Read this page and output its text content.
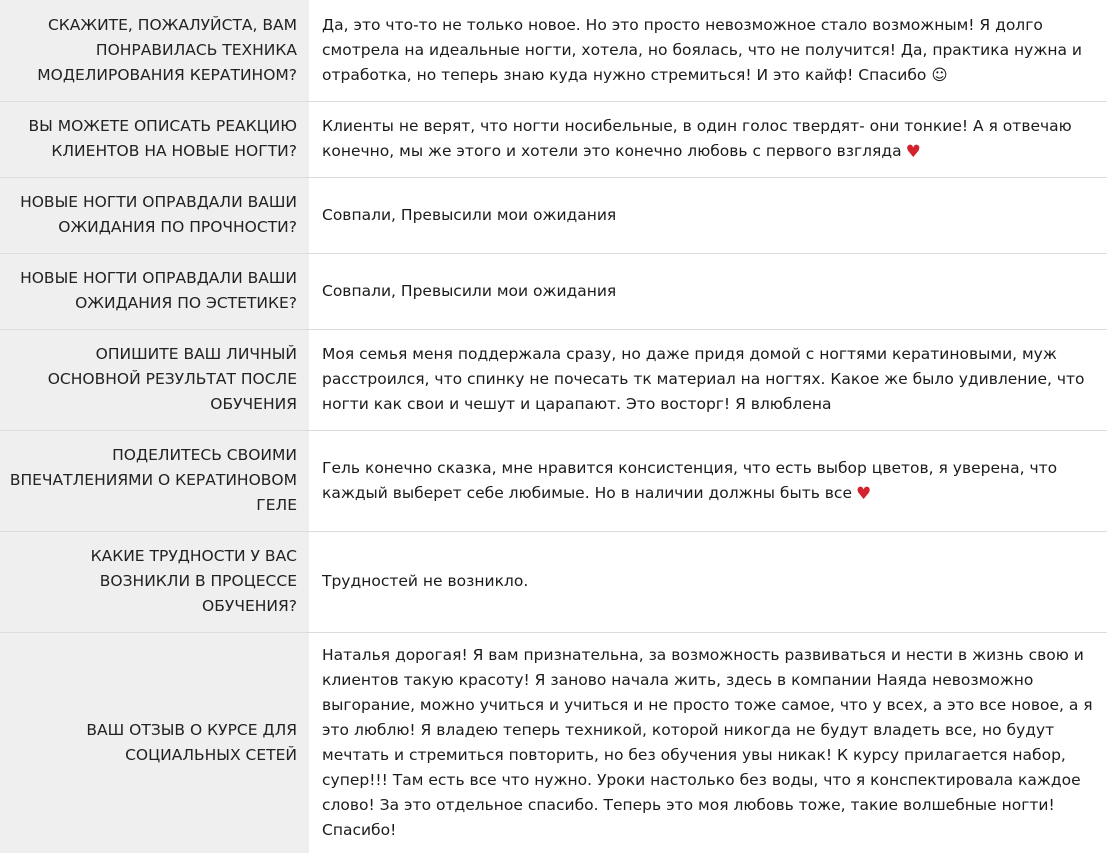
СКАЖИТЕ, ПОЖАЛУЙСТА, ВАМ ПОНРАВИЛАСЬ ТЕХНИКА МОДЕЛИРОВАНИЯ КЕРАТИНОМ?	Да, это что-то не только новое. Но это просто невозможное стало возможным! Я долго смотрела на идеальные ногти, хотела, но боялась, что не получится! Да, практика нужна и отработка, но теперь знаю куда нужно стремиться! И это кайф! Спасибо ☺
ВЫ МОЖЕТЕ ОПИСАТЬ РЕАКЦИЮ КЛИЕНТОВ НА НОВЫЕ НОГТИ?	Клиенты не верят, что ногти носибельные, в один голос твердят- они тонкие! А я отвечаю конечно, мы же этого и хотели это конечно любовь с первого взгляда ♥
НОВЫЕ НОГТИ ОПРАВДАЛИ ВАШИ ОЖИДАНИЯ ПО ПРОЧНОСТИ?	Совпали, Превысили мои ожидания
НОВЫЕ НОГТИ ОПРАВДАЛИ ВАШИ ОЖИДАНИЯ ПО ЭСТЕТИКЕ?	Совпали, Превысили мои ожидания
ОПИШИТЕ ВАШ ЛИЧНЫЙ ОСНОВНОЙ РЕЗУЛЬТАТ ПОСЛЕ ОБУЧЕНИЯ	Моя семья меня поддержала сразу, но даже придя домой с ногтями кератиновыми, муж расстроился, что спинку не почесать тк материал на ногтях. Какое же было удивление, что ногти как свои и чешут и царапают. Это восторг! Я влюблена
ПОДЕЛИТЕСЬ СВОИМИ ВПЕЧАТЛЕНИЯМИ О КЕРАТИНОВОМ ГЕЛЕ	Гель конечно сказка, мне нравится консистенция, что есть выбор цветов, я уверена, что каждый выберет себе любимые. Но в наличии должны быть все ♥
КАКИЕ ТРУДНОСТИ У ВАС ВОЗНИКЛИ В ПРОЦЕССЕ ОБУЧЕНИЯ?	Трудностей не возникло.
ВАШ ОТЗЫВ О КУРСЕ ДЛЯ СОЦИАЛЬНЫХ СЕТЕЙ	Наталья дорогая! Я вам признательна, за возможность развиваться и нести в жизнь свою и клиентов такую красоту! Я заново начала жить, здесь в компании Наяда невозможно выгорание, можно учиться и учиться и не просто тоже самое, что у всех, а это все новое, а я это люблю! Я владею теперь техникой, которой никогда не будут владеть все, но будут мечтать и стремиться повторить, но без обучения увы никак! К курсу прилагается набор, супер!!! Там есть все что нужно. Уроки настолько без воды, что я конспектировала каждое слово! За это отдельное спасибо. Теперь это моя любовь тоже, такие волшебные ногти! Спасибо!
